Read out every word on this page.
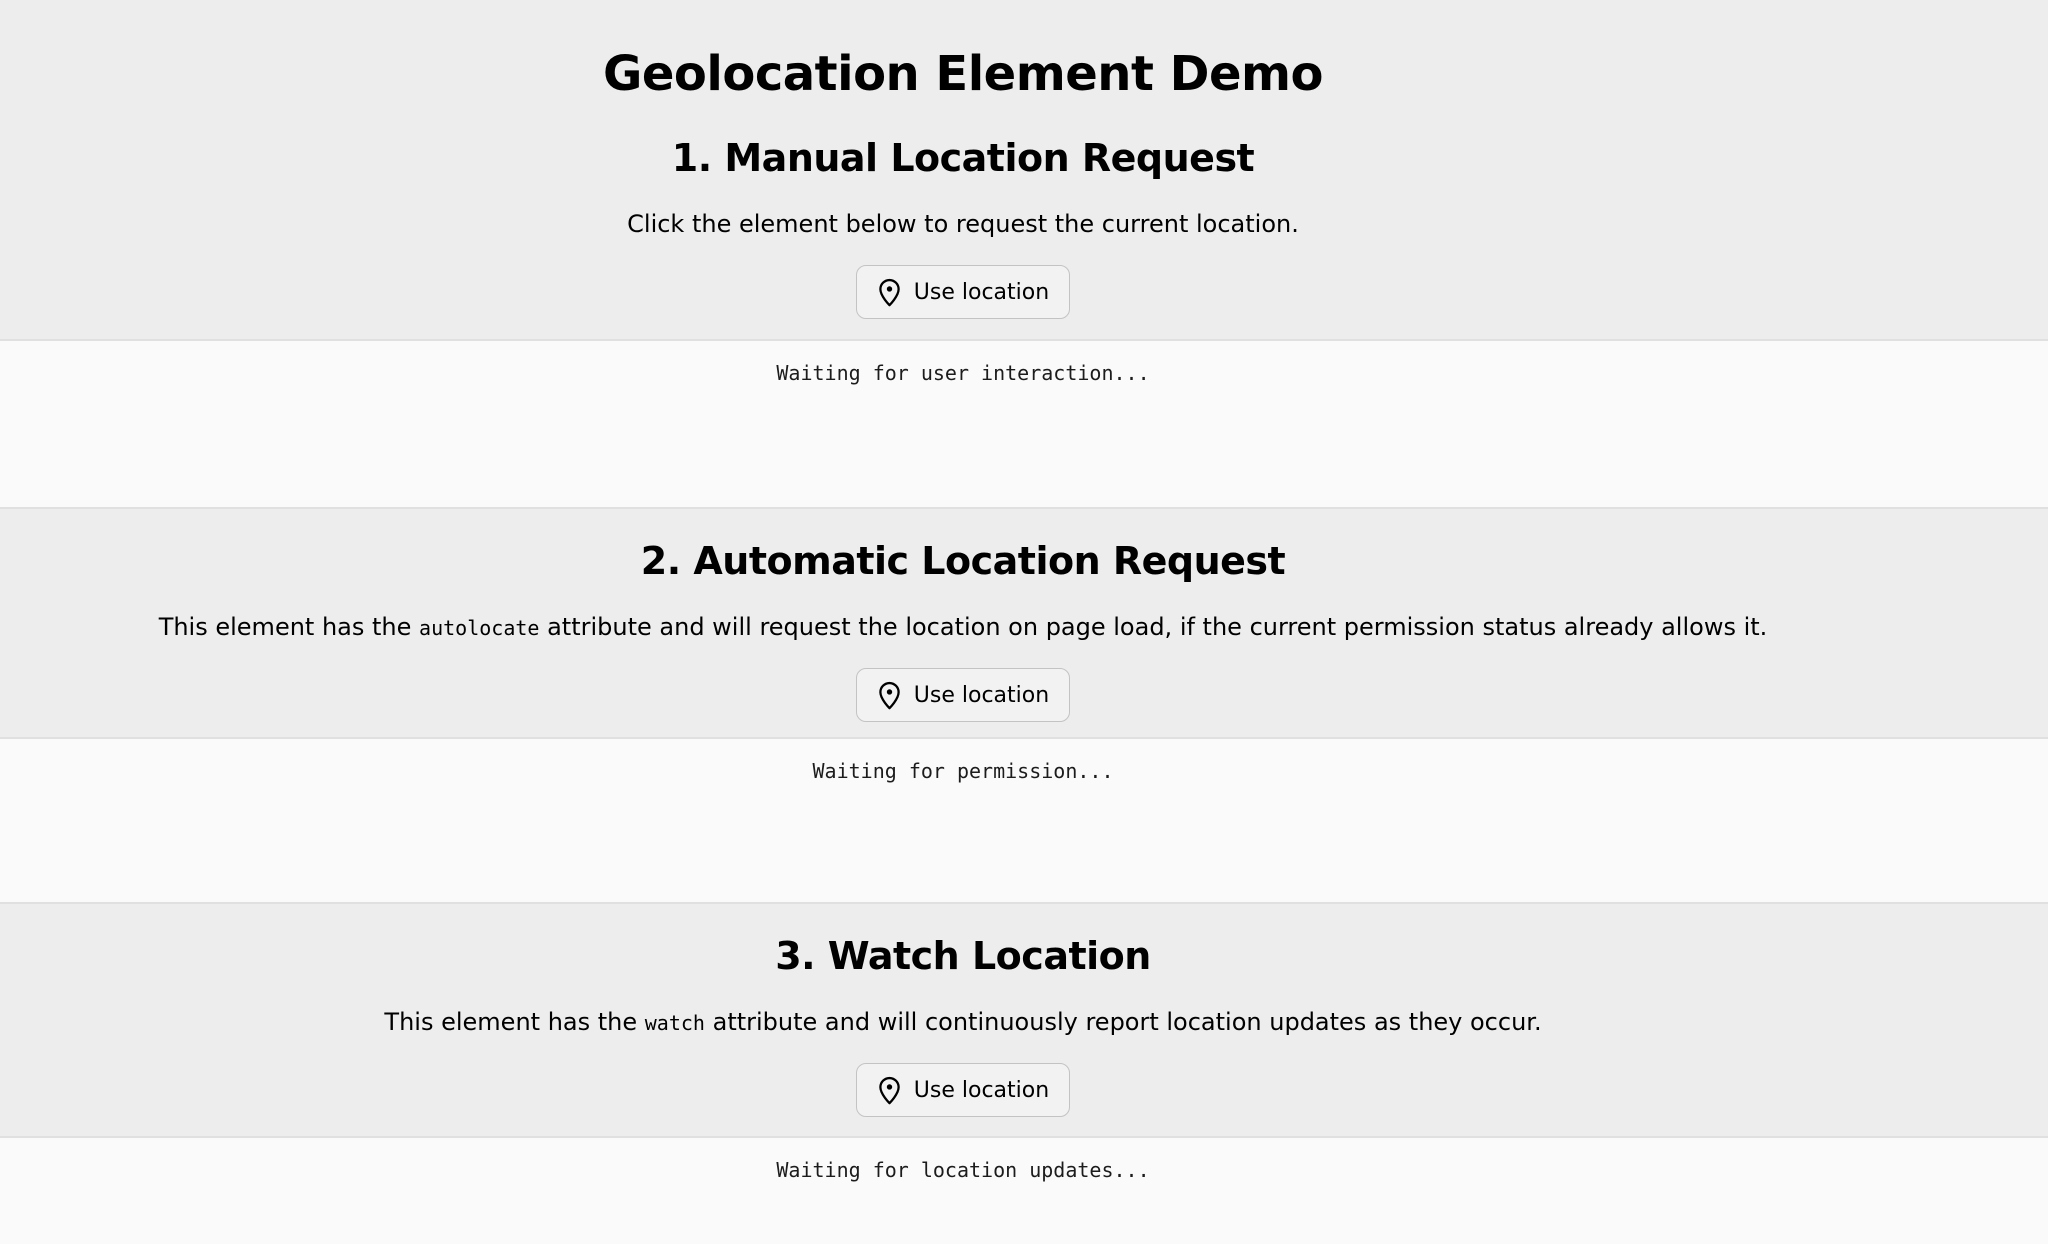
Geolocation Element Demo
1. Manual Location Request

Click the element below to request the current location.

Use location
Waiting for user interaction...
2. Automatic Location Request

This element has the autolocate attribute and will request the location on page load, if the current permission status already allows it.

Use location
Waiting for permission...
3. Watch Location

This element has the watch attribute and will continuously report location updates as they occur.

Use location
Waiting for location updates...
